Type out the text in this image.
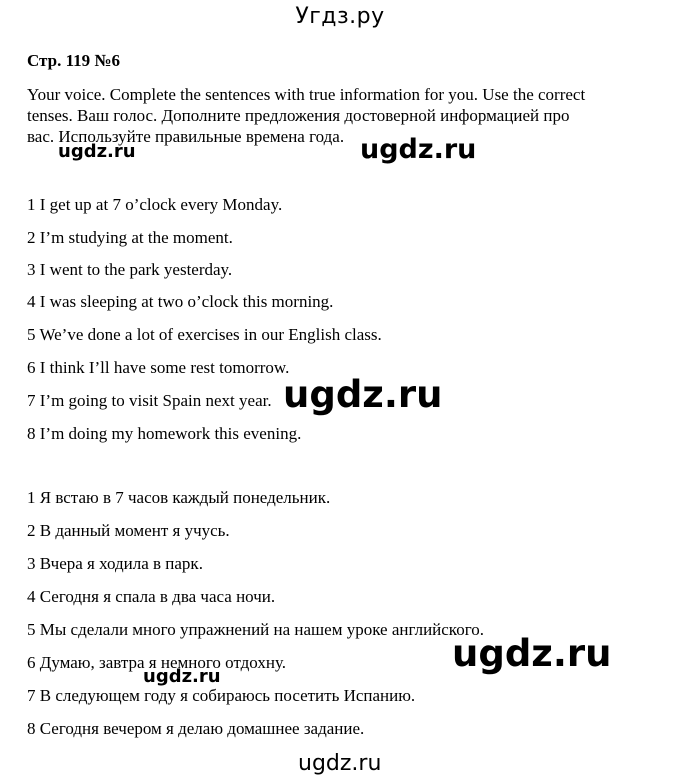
Угдз.ру
Стр. 119 №6
Your voice. Complete the sentences with true information for you. Use the correct
tenses. Ваш голос. Дополните предложения достоверной информацией про
вас. Используйте правильные времена года.
1 I get up at 7 o’clock every Monday.
2 I’m studying at the moment.
3 I went to the park yesterday.
4 I was sleeping at two o’clock this morning.
5 We’ve done a lot of exercises in our English class.
6 I think I’ll have some rest tomorrow.
7 I’m going to visit Spain next year.
8 I’m doing my homework this evening.
1 Я встаю в 7 часов каждый понедельник.
2 В данный момент я учусь.
3 Вчера я ходила в парк.
4 Сегодня я спала в два часа ночи.
5 Мы сделали много упражнений на нашем уроке английского.
6 Думаю, завтра я немного отдохну.
7 В следующем году я собираюсь посетить Испанию.
8 Сегодня вечером я делаю домашнее задание.
ugdz.ru	ugdz.ru
ugdz.ru
ugdz.ru
ugdz.ru
ugdz.ru
